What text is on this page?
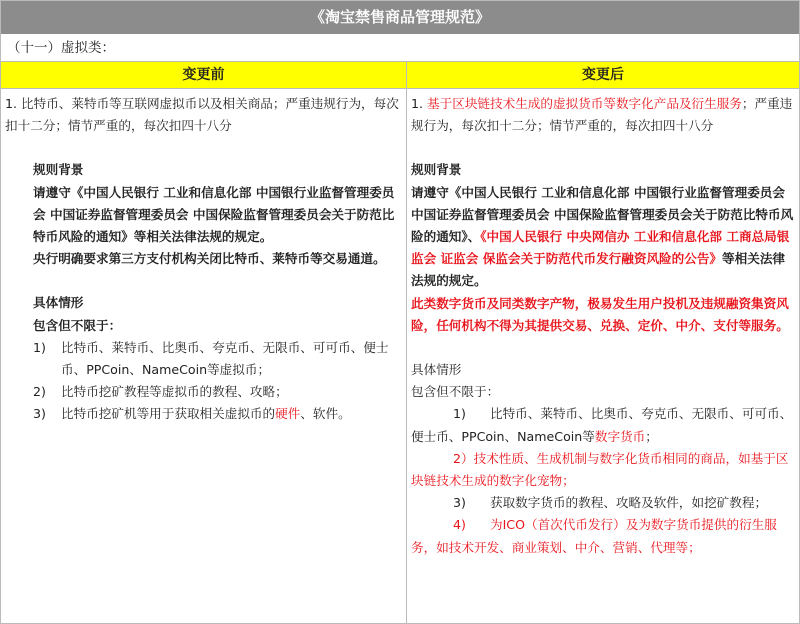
《淘宝禁售商品管理规范》
（十一）虚拟类：
变更前	变更后

1. 比特币、莱特币等互联网虚拟币以及相关商品；严重违规行为，每次扣十二分；情节严重的，每次扣四十八分

规则背景

请遵守《中国人民银行 工业和信息化部 中国银行业监督管理委员会 中国证券监督管理委员会 中国保险监督管理委员会关于防范比特币风险的通知》等相关法律法规的规定。

央行明确要求第三方支付机构关闭比特币、莱特币等交易通道。

具体情形

包含但不限于：

1) 比特币、莱特币、比奥币、夸克币、无限币、可可币、便士币、PPCoin、NameCoin等虚拟币；
2) 比特币挖矿教程等虚拟币的教程、攻略；
3) 比特币挖矿机等用于获取相关虚拟币的硬件、软件。

1. 基于区块链技术生成的虚拟货币等数字化产品及衍生服务；严重违规行为，每次扣十二分；情节严重的，每次扣四十八分

规则背景

请遵守《中国人民银行 工业和信息化部 中国银行业监督管理委员会 中国证券监督管理委员会 中国保险监督管理委员会关于防范比特币风险的通知》、《中国人民银行 中央网信办 工业和信息化部 工商总局银监会 证监会 保监会关于防范代币发行融资风险的公告》等相关法律法规的规定。

此类数字货币及同类数字产物，极易发生用户投机及违规融资集资风险，任何机构不得为其提供交易、兑换、定价、中介、支付等服务。

具体情形

包含但不限于：

1) 比特币、莱特币、比奥币、夸克币、无限币、可可币、便士币、PPCoin、NameCoin等数字货币；

2）技术性质、生成机制与数字化货币相同的商品，如基于区块链技术生成的数字化宠物；

3) 获取数字货币的教程、攻略及软件，如挖矿教程；

4) 为ICO（首次代币发行）及为数字货币提供的衍生服务，如技术开发、商业策划、中介、营销、代理等；
